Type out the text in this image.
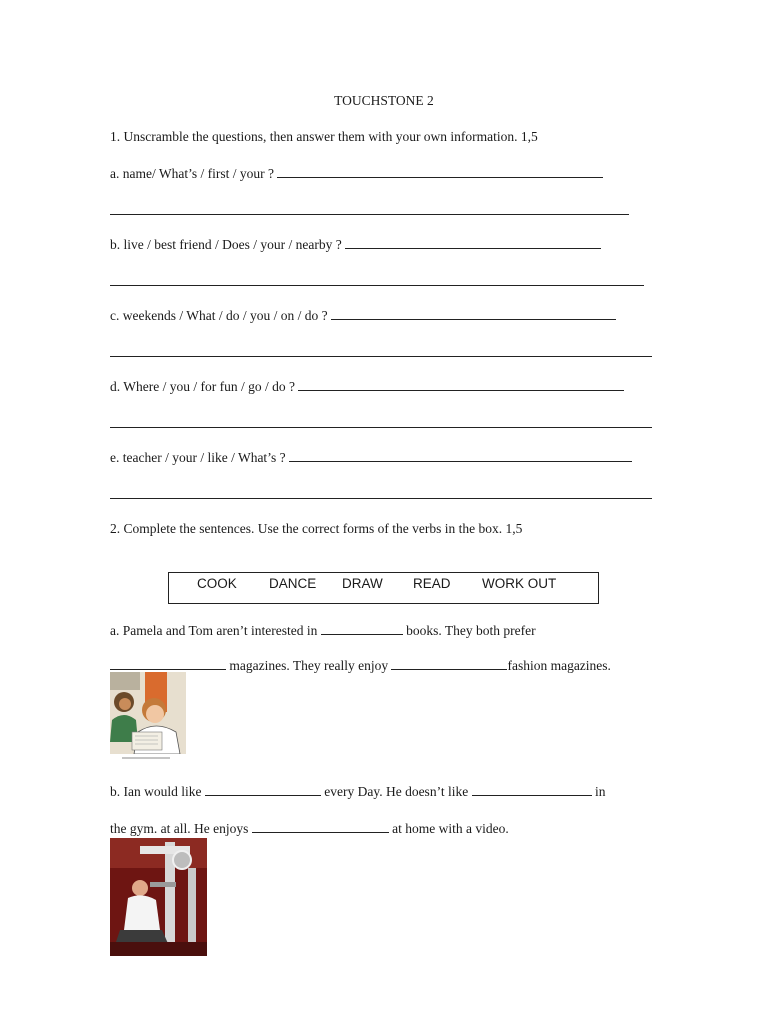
TOUCHSTONE 2
1. Unscramble the questions, then answer them with your own information. 1,5
a. name/ What’s / first / your ?
b. live / best friend / Does / your / nearby ?
c. weekends / What / do / you / on / do ?
d. Where / you / for fun / go / do ?
e. teacher / your / like / What’s ?
2. Complete the sentences. Use the correct forms of the verbs in the box. 1,5
COOK DANCE DRAW READ WORK OUT
a. Pamela and Tom aren’t interested in	books. They both prefer
magazines. They really enjoy	fashion magazines.
b. Ian would like	every Day. He doesn’t like	in
the gym. at all. He enjoys	at home with a video.
